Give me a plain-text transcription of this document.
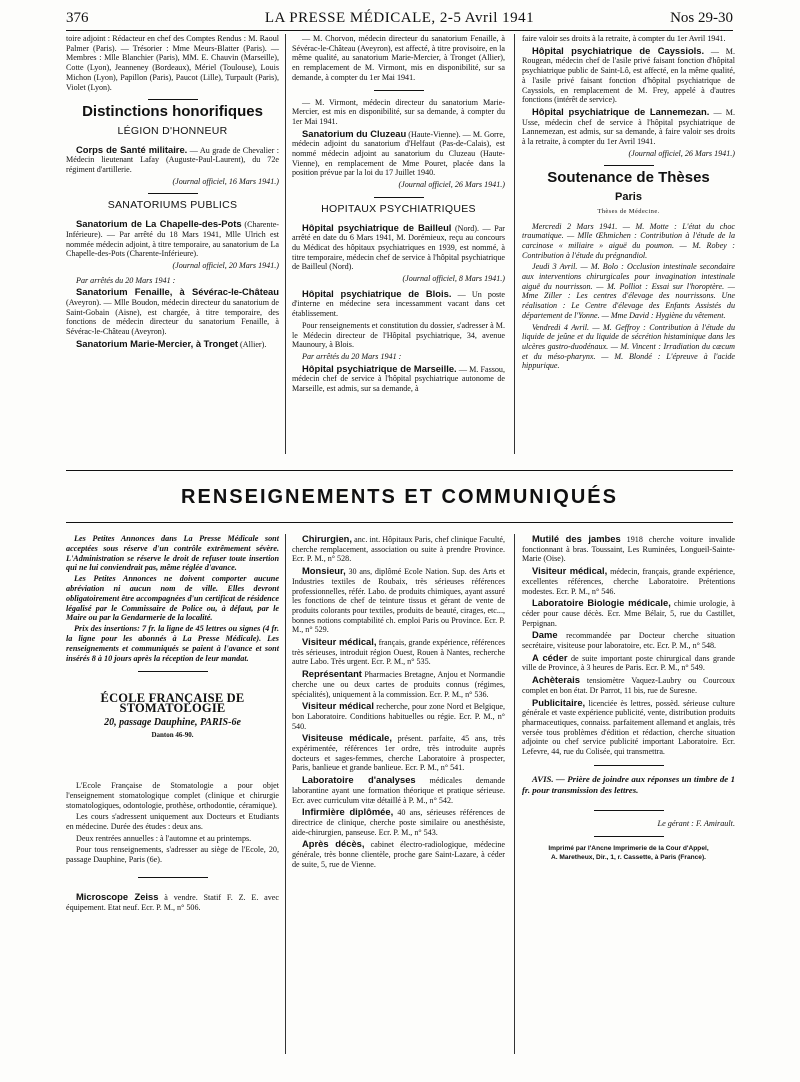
376	LA PRESSE MÉDICALE, 2-5 Avril 1941	Nos 29-30

toire adjoint : Rédacteur en chef des Comptes Rendus : M. Raoul Palmer (Paris). — Trésorier : Mme Meurs-Blatter (Paris). — Membres : Mlle Blanchier (Paris), MM. E. Chauvin (Marseille), Cotte (Lyon), Jeanneney (Bordeaux), Mériel (Toulouse), Louis Michon (Lyon), Papillon (Paris), Paucot (Lille), Turpault (Paris), Violet (Lyon).

Distinctions honorifiques
LÉGION D'HONNEUR

Corps de Santé militaire. — Au grade de Chevalier : Médecin lieutenant Lafay (Auguste-Paul-Laurent), du 72e régiment d'artillerie.

(Journal officiel, 16 Mars 1941.)

SANATORIUMS PUBLICS

Sanatorium de La Chapelle-des-Pots (Charente-Inférieure). — Par arrêté du 18 Mars 1941, Mlle Ulrich est nommée médecin adjoint, à titre temporaire, au sanatorium de La Chapelle-des-Pots (Charente-Inférieure).

(Journal officiel, 20 Mars 1941.)

Par arrêtés du 20 Mars 1941 :

Sanatorium Fenaille, à Sévérac-le-Château (Aveyron). — Mlle Boudon, médecin directeur du sanatorium de Saint-Gobain (Aisne), est chargée, à titre temporaire, des fonctions de médecin directeur du sanatorium Fenaille, à Sévérac-le-Château (Aveyron).

Sanatorium Marie-Mercier, à Tronget (Allier).

— M. Chorvon, médecin directeur du sanatorium Fenaille, à Sévérac-le-Château (Aveyron), est affecté, à titre provisoire, en la même qualité, au sanatorium Marie-Mercier, à Tronget (Allier), en remplacement de M. Virmont, mis en disponibilité, sur sa demande, à compter du 1er Mai 1941.

— M. Virmont, médecin directeur du sanatorium Marie-Mercier, est mis en disponibilité, sur sa demande, à compter du 1er Mai 1941.

Sanatorium du Cluzeau (Haute-Vienne). — M. Gorre, médecin adjoint du sanatorium d'Helfaut (Pas-de-Calais), est nommé médecin adjoint au sanatorium du Cluzeau (Haute-Vienne), en remplacement de Mme Pouret, placée dans la position prévue par la loi du 17 Juillet 1940.

(Journal officiel, 26 Mars 1941.)

HOPITAUX PSYCHIATRIQUES

Hôpital psychiatrique de Bailleul (Nord). — Par arrêté en date du 6 Mars 1941, M. Dorémieux, reçu au concours du Médicat des hôpitaux psychiatriques en 1939, est nommé, à titre temporaire, médecin chef de service à l'hôpital psychiatrique de Bailleul (Nord).

(Journal officiel, 8 Mars 1941.)

Hôpital psychiatrique de Blois. — Un poste d'interne en médecine sera incessamment vacant dans cet établissement.

Pour renseignements et constitution du dossier, s'adresser à M. le Médecin directeur de l'Hôpital psychiatrique, 34, avenue Maunoury, à Blois.

Par arrêtés du 20 Mars 1941 :

Hôpital psychiatrique de Marseille. — M. Fassou, médecin chef de service à l'hôpital psychiatrique autonome de Marseille, est admis, sur sa demande, à

faire valoir ses droits à la retraite, à compter du 1er Avril 1941.

Hôpital psychiatrique de Cayssiols. — M. Rougean, médecin chef de l'asile privé faisant fonction d'hôpital psychiatrique public de Saint-Lô, est affecté, en la même qualité, à l'asile privé faisant fonction d'hôpital psychiatrique de Cayssiols, en remplacement de M. Frey, appelé à d'autres fonctions (intérêt de service).

Hôpital psychiatrique de Lannemezan. — M. Usse, médecin chef de service à l'hôpital psychiatrique de Lannemezan, est admis, sur sa demande, à faire valoir ses droits à la retraite, à compter du 1er Avril 1941.

(Journal officiel, 26 Mars 1941.)

Soutenance de Thèses
Paris
Thèses de Médecine.

Mercredi 2 Mars 1941. — M. Motte : L'état du choc traumatique. — Mlle Œhmichen : Contribution à l'étude de la carcinose « miliaire » aiguë du poumon. — M. Robey : Contribution à l'étude du prégnandiol.

Jeudi 3 Avril. — M. Bolo : Occlusion intestinale secondaire aux interventions chirurgicales pour invagination intestinale aiguë du nourrisson. — M. Polliot : Essai sur l'horoptère. — Mme Ziller : Les centres d'élevage des nourrissons. Une réalisation : Le Centre d'élevage des Enfants Assistés du département de l'Yonne. — Mme David : Hygiène du vêtement.

Vendredi 4 Avril. — M. Geffroy : Contribution à l'étude du liquide de jeûne et du liquide de sécrétion histaminique dans les ulcères gastro-duodénaux. — M. Vincent : Irradiation du cæcum et du méso-pharynx. — M. Blondé : L'épreuve à l'acide hippurique.

RENSEIGNEMENTS ET COMMUNIQUÉS

Les Petites Annonces dans La Presse Médicale sont acceptées sous réserve d'un contrôle extrêmement sévère. L'Administration se réserve le droit de refuser toute insertion qui ne lui conviendrait pas, même réglée d'avance.

Les Petites Annonces ne doivent comporter aucune abréviation ni aucun nom de ville. Elles devront obligatoirement être accompagnées d'un certificat de résidence légalisé par le Commissaire de Police ou, à défaut, par le Maire ou par la Gendarmerie de la localité.

Prix des insertions: 7 fr. la ligne de 45 lettres ou signes (4 fr. la ligne pour les abonnés à La Presse Médicale). Les renseignements et communiqués se paient à l'avance et sont insérés 8 à 10 jours après la réception de leur mandat.

ÉCOLE FRANÇAISE DE STOMATOLOGIE
20, passage Dauphine, PARIS-6e
Danton 46-90.

L'Ecole Française de Stomatologie a pour objet l'enseignement stomatologique complet (clinique et chirurgie stomatologiques, odontologie, prothèse, orthodontie, céramique).

Les cours s'adressent uniquement aux Docteurs et Etudiants en médecine. Durée des études : deux ans.

Deux rentrées annuelles : à l'automne et au printemps.

Pour tous renseignements, s'adresser au siège de l'Ecole, 20, passage Dauphine, Paris (6e).

Microscope Zeiss à vendre. Statif F. Z. E. avec équipement. Etat neuf. Ecr. P. M., n° 506.

Chirurgien, anc. int. Hôpitaux Paris, chef clinique Faculté, cherche remplacement, association ou suite à prendre Province. Ecr. P. M., n° 528.

Monsieur, 30 ans, diplômé Ecole Nation. Sup. des Arts et Industries textiles de Roubaix, très sérieuses références professionnelles, référ. Labo. de produits chimiques, ayant assuré les fonctions de chef de teinture tissus et gérant de vente de produits colorants pour textiles, produits de beauté, cirages, etc..., bonnes notions comptabilité ch. emploi Paris ou Province. Ecr. P. M., n° 529.

Visiteur médical, français, grande expérience, références très sérieuses, introduit région Ouest, Rouen à Nantes, recherche autre Labo. Très urgent. Ecr. P. M., n° 535.

Représentant Pharmacies Bretagne, Anjou et Normandie cherche une ou deux cartes de produits connus (régimes, spécialités), uniquement à la commission. Ecr. P. M., n° 536.

Visiteur médical recherche, pour zone Nord et Belgique, bon Laboratoire. Conditions habituelles ou régie. Ecr. P. M., n° 540.

Visiteuse médicale, présent. parfaite, 45 ans, très expérimentée, références 1er ordre, très introduite auprès docteurs et sages-femmes, cherche Laboratoire à prospecter, Paris, banlieue et grande banlieue. Ecr. P. M., n° 541.

Laboratoire d'analyses médicales demande laborantine ayant une formation théorique et pratique sérieuse. Ecr. avec curriculum vitæ détaillé à P. M., n° 542.

Infirmière diplômée, 40 ans, sérieuses références de directrice de clinique, cherche poste similaire ou anesthésiste, aide-chirurgien, panseuse. Ecr. P. M., n° 543.

Après décès, cabinet électro-radiologique, médecine générale, très bonne clientèle, proche gare Saint-Lazare, à céder de suite, 5, rue de Vienne.

Mutilé des jambes 1918 cherche voiture invalide fonctionnant à bras. Toussaint, Les Ruminées, Longueil-Sainte-Marie (Oise).

Visiteur médical, médecin, français, grande expérience, excellentes références, cherche Laboratoire. Prétentions modestes. Ecr. P. M., n° 546.

Laboratoire Biologie médicale, chimie urologie, à céder pour cause décès. Ecr. Mme Bélair, 5, rue du Castillet, Perpignan.

Dame recommandée par Docteur cherche situation secrétaire, visiteuse pour laboratoire, etc. Ecr. P. M., n° 548.

A céder de suite important poste chirurgical dans grande ville de Province, à 3 heures de Paris. Ecr. P. M., n° 549.

Achèterais tensiomètre Vaquez-Laubry ou Courcoux complet en bon état. Dr Parrot, 11 bis, rue de Suresne.

Publicitaire, licenciée ès lettres, possèd. sérieuse culture générale et vaste expérience publicité, vente, distribution produits pharmaceutiques, connaiss. parfaitement allemand et anglais, très versée tous problèmes d'édition et rédaction, cherche situation adjointe ou chef service publicité important Laboratoire. Ecr. Lefevre, 44, rue du Colisée, qui transmettra.

AVIS. — Prière de joindre aux réponses un timbre de 1 fr. pour transmission des lettres.

Le gérant : F. Amirault.

Imprimé par l'Ancne Imprimerie de la Cour d'Appel,
A. Maretheux, Dir., 1, r. Cassette, à Paris (France).
